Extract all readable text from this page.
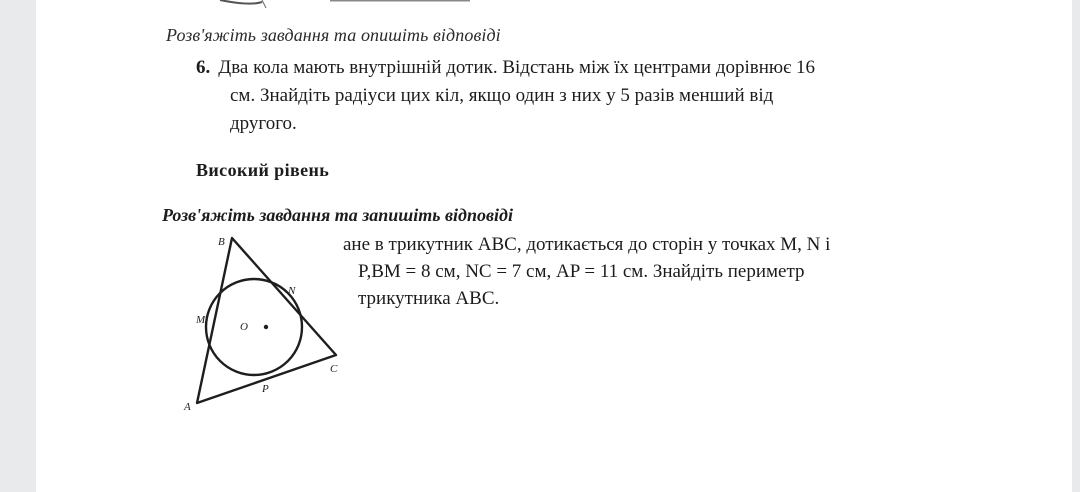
Розв'яжіть завдання та опишіть відповіді
6. Два кола мають внутрішній дотик. Відстань між їх центрами дорівнює 16
см. Знайдіть радіуси цих кіл, якщо один з них у 5 разів менший від
другого.
Високий рівень
Розв'яжіть завдання та запишіть відповіді
ане в трикутник ABC, дотикається до сторін у точках M, N і
P,BM = 8 см, NC = 7 см, AP = 11 см. Знайдіть периметр
трикутника ABC.
B
M
N
O
C
P
A
